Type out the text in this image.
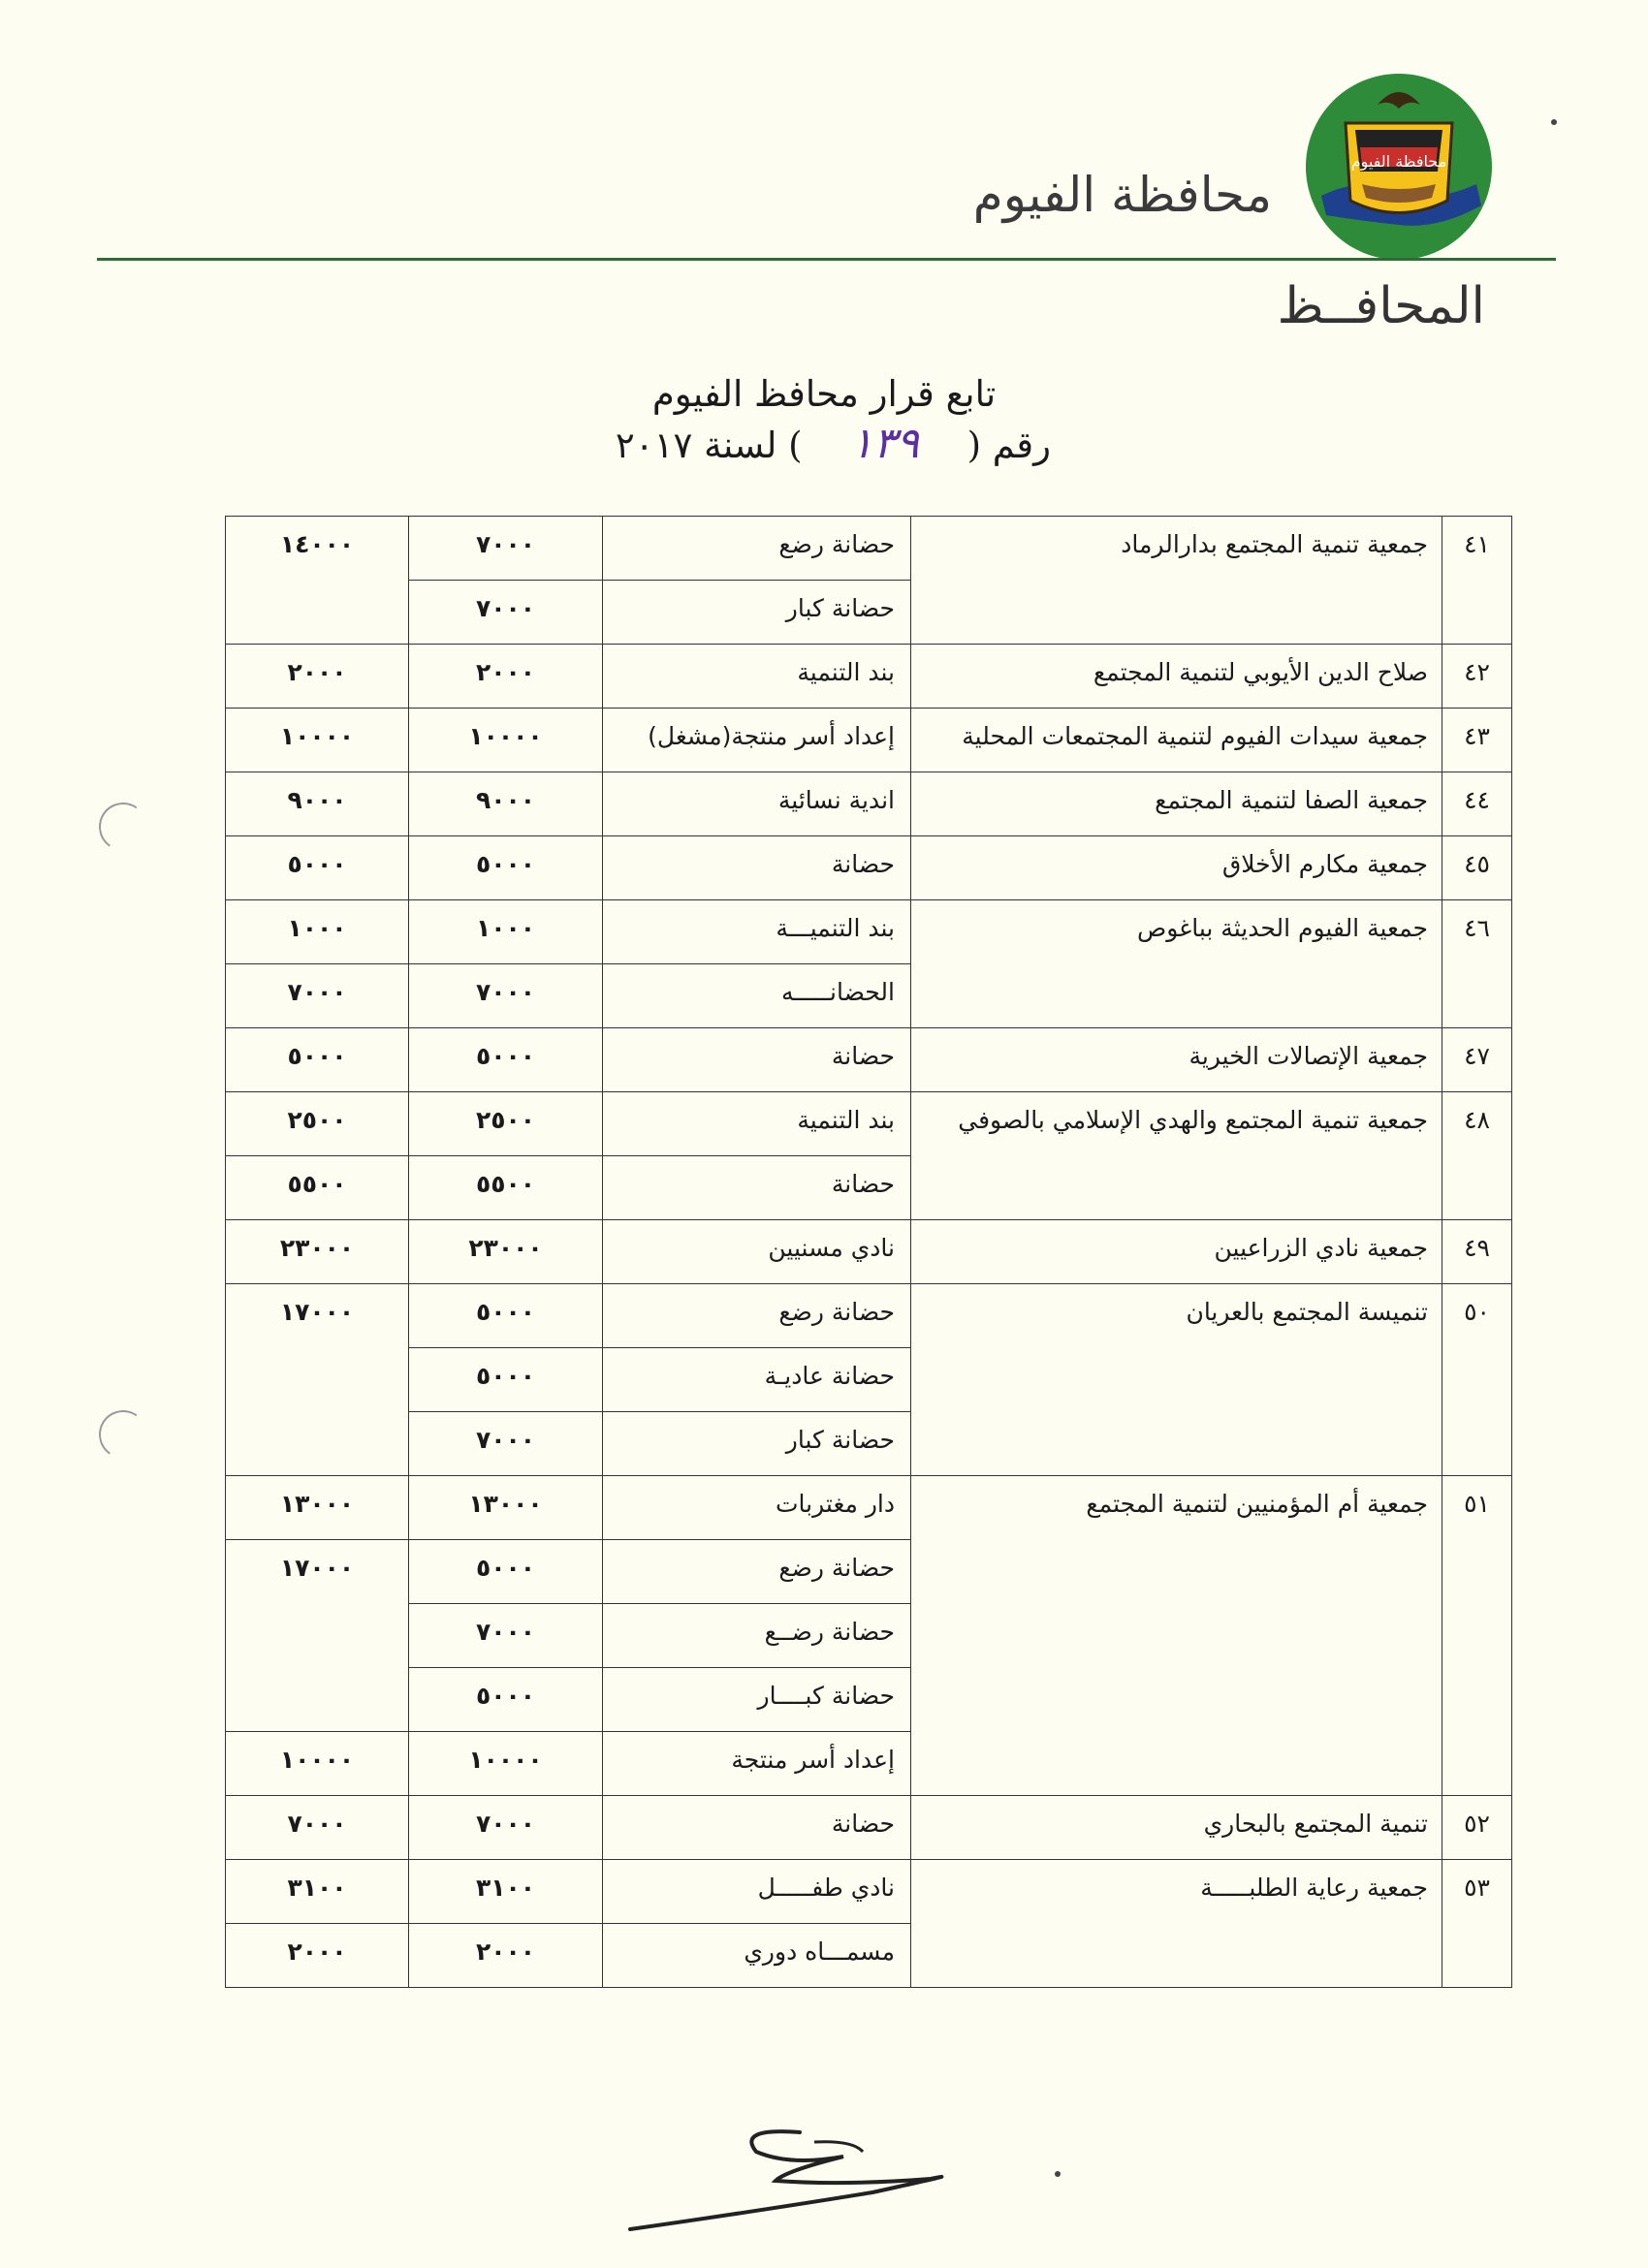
محافظة الفيوم
محافظة الفيوم
المحافــظ
تابع قرار محافظ الفيوم
رقم (١٣٩) لسنة ٢٠١٧
٤١	جمعية تنمية المجتمع بدارالرماد	حضانة رضع	٧٠٠٠	١٤٠٠٠
		حضانة كبار	٧٠٠٠	
٤٢	صلاح الدين الأيوبي لتنمية المجتمع	بند التنمية	٢٠٠٠	٢٠٠٠
٤٣	جمعية سيدات الفيوم لتنمية المجتمعات المحلية	إعداد أسر منتجة(مشغل)	١٠٠٠٠	١٠٠٠٠
٤٤	جمعية الصفا لتنمية المجتمع	اندية نسائية	٩٠٠٠	٩٠٠٠
٤٥	جمعية مكارم الأخلاق	حضانة	٥٠٠٠	٥٠٠٠
٤٦	جمعية الفيوم الحديثة بباغوص	بند التنميـــة	١٠٠٠	١٠٠٠
		الحضانـــــه	٧٠٠٠	٧٠٠٠
٤٧	جمعية الإتصالات الخيرية	حضانة	٥٠٠٠	٥٠٠٠
٤٨	جمعية تنمية المجتمع والهدي الإسلامي بالصوفي	بند التنمية	٢٥٠٠	٢٥٠٠
		حضانة	٥٥٠٠	٥٥٠٠
٤٩	جمعية نادي الزراعيين	نادي مسنيين	٢٣٠٠٠	٢٣٠٠٠
٥٠	تنميسة المجتمع بالعريان	حضانة رضع	٥٠٠٠	١٧٠٠٠
		حضانة عاديـة	٥٠٠٠	
		حضانة كبار	٧٠٠٠	
٥١	جمعية أم المؤمنيين لتنمية المجتمع	دار مغتربات	١٣٠٠٠	١٣٠٠٠
		حضانة رضع	٥٠٠٠	١٧٠٠٠
		حضانة رضــع	٧٠٠٠	
		حضانة كبــــار	٥٠٠٠	
		إعداد أسر منتجة	١٠٠٠٠	١٠٠٠٠
٥٢	تنمية المجتمع بالبحاري	حضانة	٧٠٠٠	٧٠٠٠
٥٣	جمعية رعاية الطلبـــــة	نادي طفـــــل	٣١٠٠	٣١٠٠
		مسمـــاه دوري	٢٠٠٠	٢٠٠٠
